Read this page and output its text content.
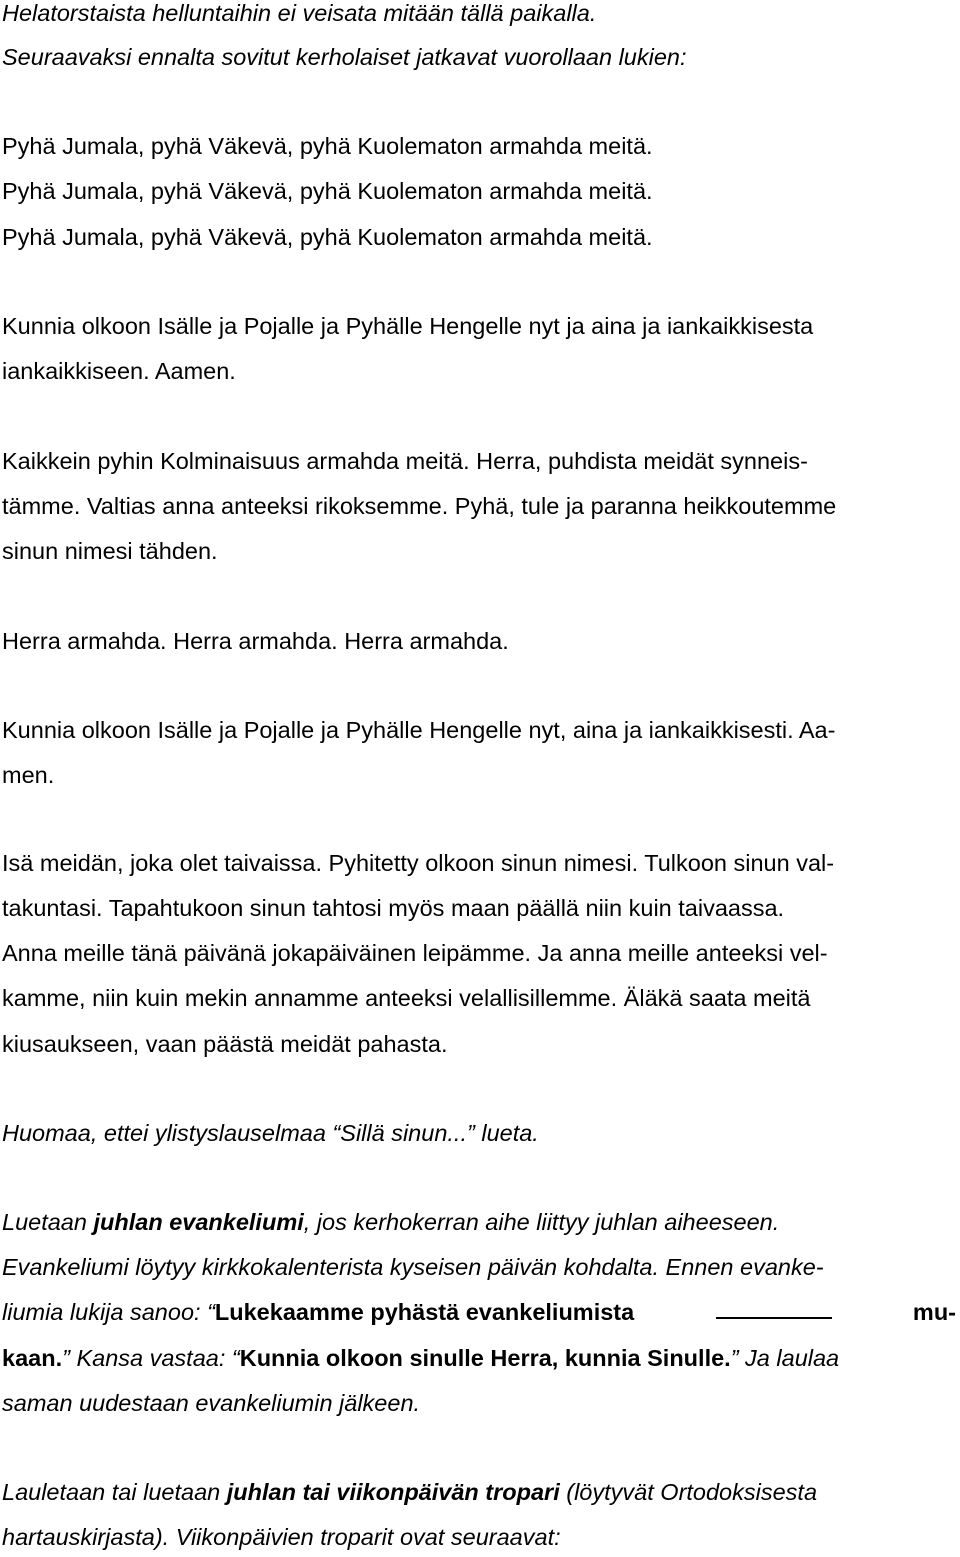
Helatorstaista helluntaihin ei veisata mitään tällä paikalla.
Seuraavaksi ennalta sovitut kerholaiset jatkavat vuorollaan lukien:
Pyhä Jumala, pyhä Väkevä, pyhä Kuolematon armahda meitä.
Pyhä Jumala, pyhä Väkevä, pyhä Kuolematon armahda meitä.
Pyhä Jumala, pyhä Väkevä, pyhä Kuolematon armahda meitä.
Kunnia olkoon Isälle ja Pojalle ja Pyhälle Hengelle nyt ja aina ja iankaikkisesta
iankaikkiseen. Aamen.
Kaikkein pyhin Kolminaisuus armahda meitä. Herra, puhdista meidät synneis-
tämme. Valtias anna anteeksi rikoksemme. Pyhä, tule ja paranna heikkoutemme
sinun nimesi tähden.
Herra armahda. Herra armahda. Herra armahda.
Kunnia olkoon Isälle ja Pojalle ja Pyhälle Hengelle nyt, aina ja iankaikkisesti. Aa-
men.
Isä meidän, joka olet taivaissa. Pyhitetty olkoon sinun nimesi. Tulkoon sinun val-
takuntasi. Tapahtukoon sinun tahtosi myös maan päällä niin kuin taivaassa.
Anna meille tänä päivänä jokapäiväinen leipämme. Ja anna meille anteeksi vel-
kamme, niin kuin mekin annamme anteeksi velallisillemme. Äläkä saata meitä
kiusaukseen, vaan päästä meidät pahasta.
Huomaa, ettei ylistyslauselmaa “Sillä sinun...” lueta.
Luetaan juhlan evankeliumi, jos kerhokerran aihe liittyy juhlan aiheeseen.
Evankeliumi löytyy kirkkokalenterista kyseisen päivän kohdalta. Ennen evanke-
liumia lukija sanoo: “Lukekaamme pyhästä evankeliumista	mu-
kaan.” Kansa vastaa: “Kunnia olkoon sinulle Herra, kunnia Sinulle.” Ja laulaa
saman uudestaan evankeliumin jälkeen.
Lauletaan tai luetaan juhlan tai viikonpäivän tropari (löytyvät Ortodoksisesta
hartauskirjasta). Viikonpäivien troparit ovat seuraavat:
